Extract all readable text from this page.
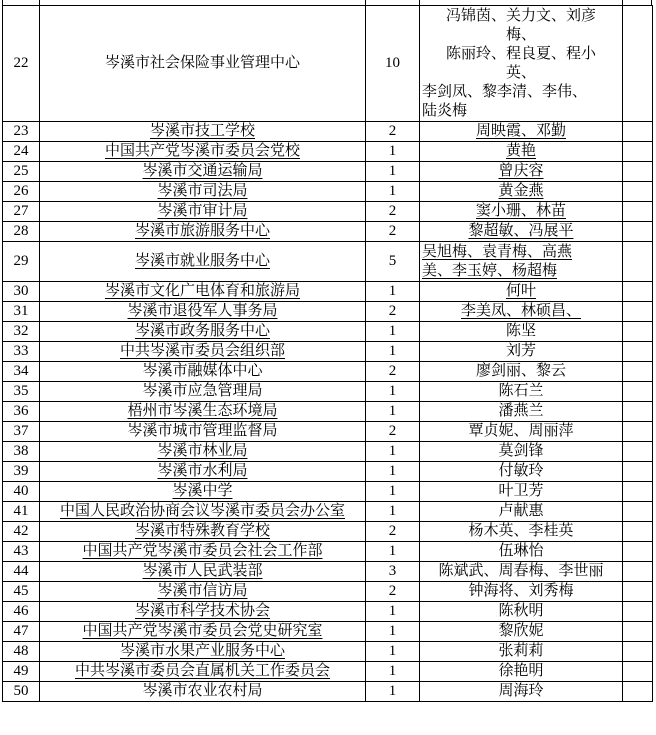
22	岑溪市社会保险事业管理中心	10	
冯锦茵、关力文、刘彦
梅、
陈丽玲、程良夏、程小
英、
李剑凤、黎李清、李伟、
陆炎梅

23	岑溪市技工学校	2	周映霞、邓勤	

24	中国共产党岑溪市委员会党校	1	黄艳	

25	岑溪市交通运输局	1	曾庆容	

26	岑溪市司法局	1	黄金燕	

27	岑溪市审计局	2	窦小珊、林苗	

28	岑溪市旅游服务中心	2	黎超敏、冯展平	

29	岑溪市就业服务中心	5	吴旭梅、袁青梅、高燕
美、李玉婷、杨超梅	

30	岑溪市文化广电体育和旅游局	1	何叶	

31	岑溪市退役军人事务局	2	李美凤、林硕昌、	

32	岑溪市政务服务中心	1	陈坚	

33	中共岑溪市委员会组织部	1	刘芳	

34	岑溪市融媒体中心	2	廖剑丽、黎云	

35	岑溪市应急管理局	1	陈石兰	

36	梧州市岑溪生态环境局	1	潘燕兰	

37	岑溪市城市管理监督局	2	覃贞妮、周丽萍	

38	岑溪市林业局	1	莫剑锋	

39	岑溪市水利局	1	付敏玲	

40	岑溪中学	1	叶卫芳	

41	中国人民政治协商会议岑溪市委员会办公室	1	卢献惠	

42	岑溪市特殊教育学校	2	杨木英、李桂英	

43	中国共产党岑溪市委员会社会工作部	1	伍琳怡	

44	岑溪市人民武装部	3	陈斌武、周春梅、李世丽	

45	岑溪市信访局	2	钟海将、刘秀梅	

46	岑溪市科学技术协会	1	陈秋明	

47	中国共产党岑溪市委员会党史研究室	1	黎欣妮	

48	岑溪市水果产业服务中心	1	张莉莉	

49	中共岑溪市委员会直属机关工作委员会	1	徐艳明	

50	岑溪市农业农村局	1	周海玲	
